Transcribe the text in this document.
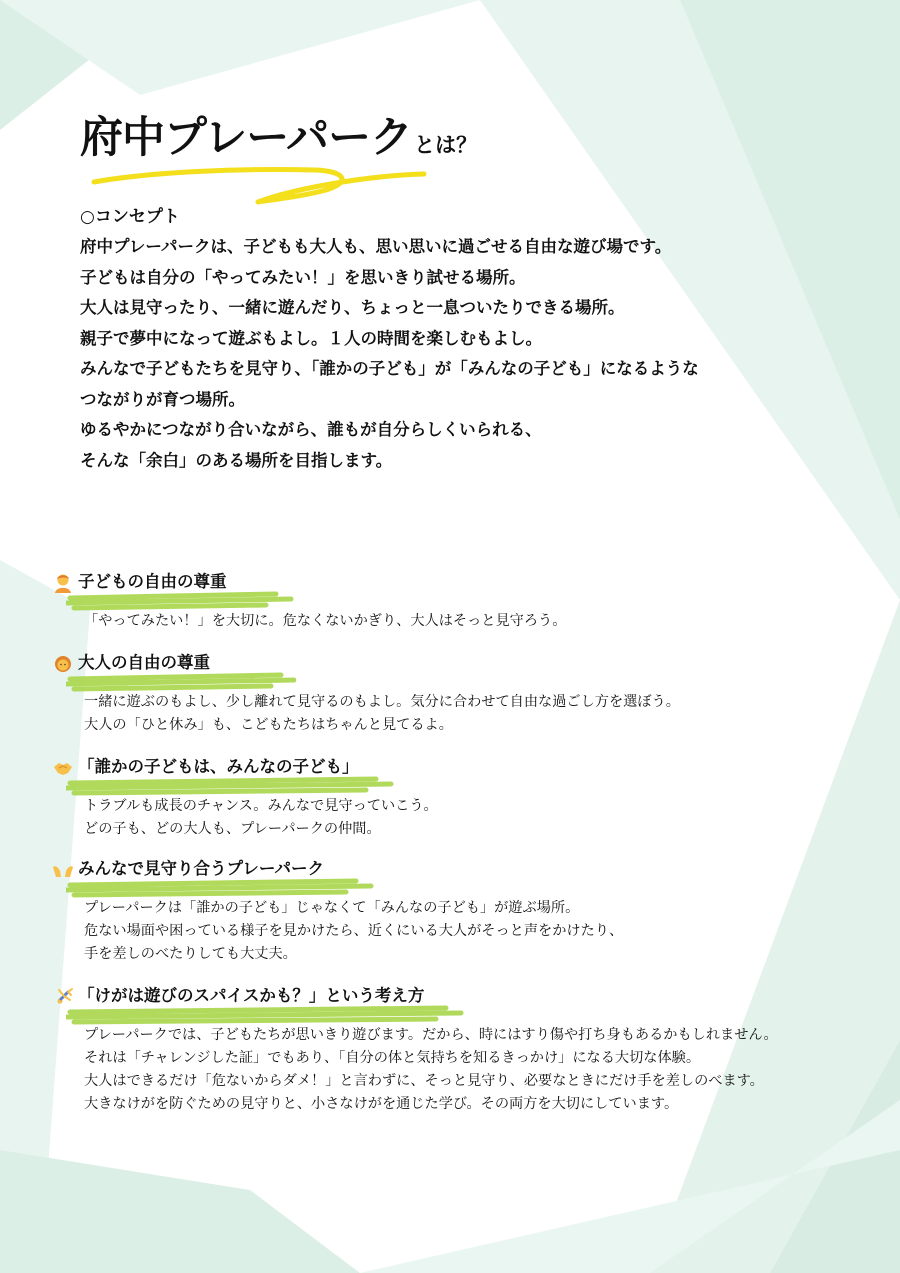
府中プレーパークとは？
○コンセプト
府中プレーパークは、子どもも大人も、思い思いに過ごせる自由な遊び場です。
子どもは自分の「やってみたい！」を思いきり試せる場所。
大人は見守ったり、一緒に遊んだり、ちょっと一息ついたりできる場所。
親子で夢中になって遊ぶもよし。１人の時間を楽しむもよし。
みんなで子どもたちを見守り、「誰かの子ども」が「みんなの子ども」になるような
つながりが育つ場所。
ゆるやかにつながり合いながら、誰もが自分らしくいられる、
そんな「余白」のある場所を目指します。
子どもの自由の尊重
「やってみたい！」を大切に。危なくないかぎり、大人はそっと見守ろう。
大人の自由の尊重
一緒に遊ぶのもよし、少し離れて見守るのもよし。気分に合わせて自由な過ごし方を選ぼう。
大人の「ひと休み」も、こどもたちはちゃんと見てるよ。
「誰かの子どもは、みんなの子ども」
トラブルも成長のチャンス。みんなで見守っていこう。
どの子も、どの大人も、プレーパークの仲間。
みんなで見守り合うプレーパーク
プレーパークは「誰かの子ども」じゃなくて「みんなの子ども」が遊ぶ場所。
危ない場面や困っている様子を見かけたら、近くにいる大人がそっと声をかけたり、
手を差しのべたりしても大丈夫。
「けがは遊びのスパイスかも？」という考え方
プレーパークでは、子どもたちが思いきり遊びます。だから、時にはすり傷や打ち身もあるかもしれません。
それは「チャレンジした証」でもあり、「自分の体と気持ちを知るきっかけ」になる大切な体験。
大人はできるだけ「危ないからダメ！」と言わずに、そっと見守り、必要なときにだけ手を差しのべます。
大きなけがを防ぐための見守りと、小さなけがを通じた学び。その両方を大切にしています。
